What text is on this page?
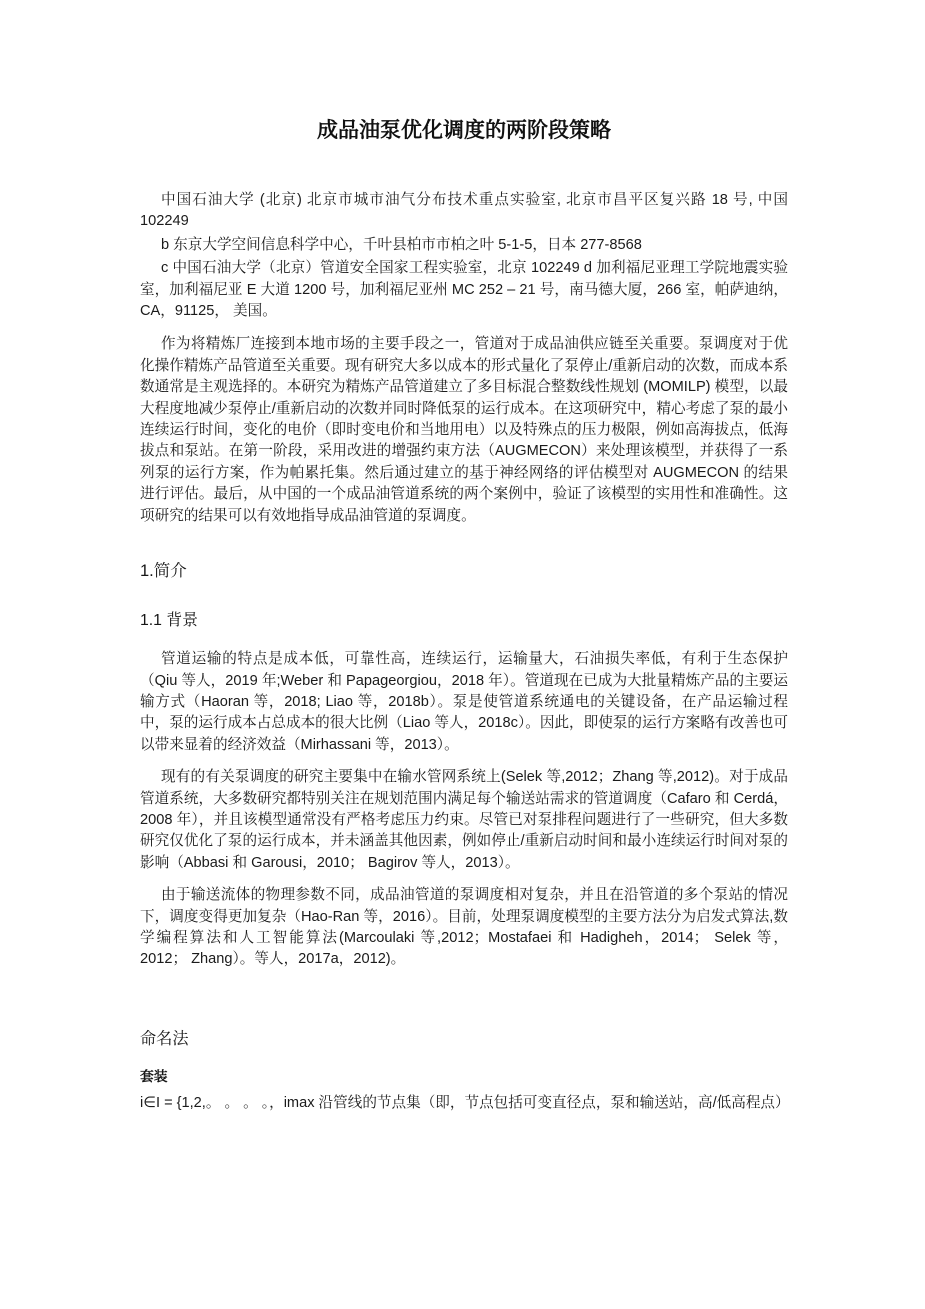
成品油泵优化调度的两阶段策略

中国石油大学 (北京) 北京市城市油气分布技术重点实验室, 北京市昌平区复兴路 18 号, 中国 102249

b 东京大学空间信息科学中心，千叶县柏市市柏之叶 5-1-5，日本 277-8568

c 中国石油大学（北京）管道安全国家工程实验室，北京 102249 d 加利福尼亚理工学院地震实验室，加利福尼亚 E 大道 1200 号，加利福尼亚州 MC 252 – 21 号，南马德大厦，266 室，帕萨迪纳，CA，91125， 美国。

作为将精炼厂连接到本地市场的主要手段之一，管道对于成品油供应链至关重要。泵调度对于优化操作精炼产品管道至关重要。现有研究大多以成本的形式量化了泵停止/重新启动的次数，而成本系数通常是主观选择的。本研究为精炼产品管道建立了多目标混合整数线性规划 (MOMILP) 模型，以最大程度地减少泵停止/重新启动的次数并同时降低泵的运行成本。在这项研究中，精心考虑了泵的最小连续运行时间，变化的电价（即时变电价和当地用电）以及特殊点的压力极限，例如高海拔点，低海拔点和泵站。在第一阶段，采用改进的增强约束方法（AUGMECON）来处理该模型，并获得了一系列泵的运行方案，作为帕累托集。然后通过建立的基于神经网络的评估模型对 AUGMECON 的结果进行评估。最后，从中国的一个成品油管道系统的两个案例中，验证了该模型的实用性和准确性。这项研究的结果可以有效地指导成品油管道的泵调度。

1.简介
1.1 背景

管道运输的特点是成本低，可靠性高，连续运行，运输量大，石油损失率低，有利于生态保护（Qiu 等人，2019 年;Weber 和 Papageorgiou，2018 年）。管道现在已成为大批量精炼产品的主要运输方式（Haoran 等，2018; Liao 等，2018b）。泵是使管道系统通电的关键设备，在产品运输过程中，泵的运行成本占总成本的很大比例（Liao 等人，2018c）。因此，即使泵的运行方案略有改善也可以带来显着的经济效益（Mirhassani 等，2013）。

现有的有关泵调度的研究主要集中在输水管网系统上(Selek 等,2012；Zhang 等,2012)。对于成品管道系统，大多数研究都特别关注在规划范围内满足每个输送站需求的管道调度（Cafaro 和 Cerdá，2008 年），并且该模型通常没有严格考虑压力约束。尽管已对泵排程问题进行了一些研究，但大多数研究仅优化了泵的运行成本，并未涵盖其他因素，例如停止/重新启动时间和最小连续运行时间对泵的影响（Abbasi 和 Garousi，2010； Bagirov 等人，2013）。

由于输送流体的物理参数不同，成品油管道的泵调度相对复杂，并且在沿管道的多个泵站的情况下，调度变得更加复杂（Hao-Ran 等，2016）。目前，处理泵调度模型的主要方法分为启发式算法,数学编程算法和人工智能算法(Marcoulaki 等,2012；Mostafaei 和 Hadigheh，2014； Selek 等，2012； Zhang）。等人，2017a，2012)。

命名法
套装

i∈I = {1,2,。 。 。 。，imax 沿管线的节点集（即，节点包括可变直径点，泵和输送站，高/低高程点）
